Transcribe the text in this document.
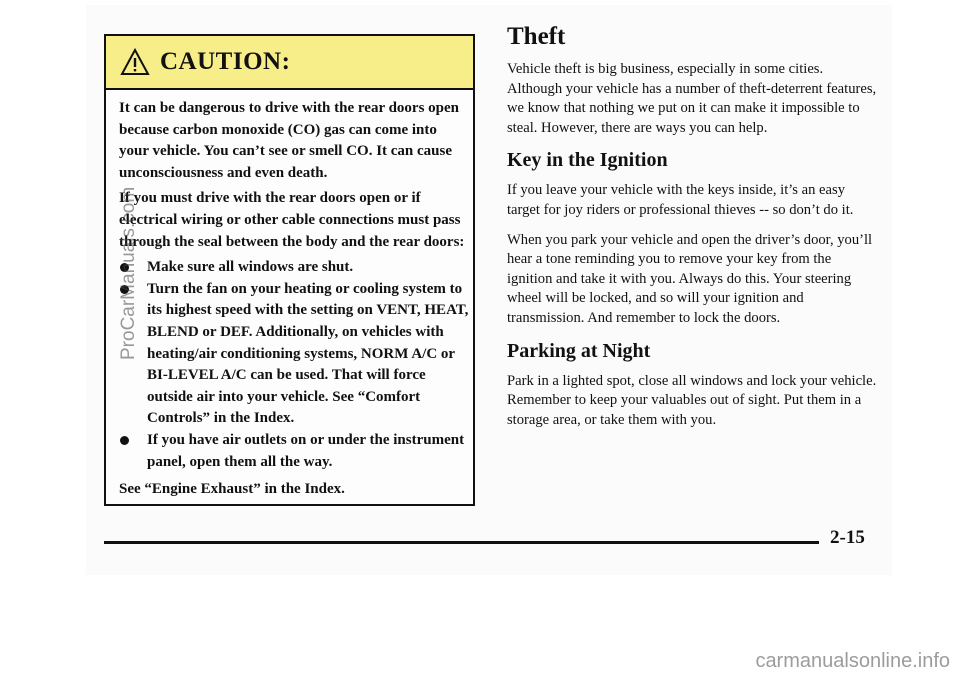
CAUTION:

It can be dangerous to drive with the rear doors open because carbon monoxide (CO) gas can come into your vehicle. You can’t see or smell CO. It can cause unconsciousness and even death.

If you must drive with the rear doors open or if electrical wiring or other cable connections must pass through the seal between the body and the rear doors:

Make sure all windows are shut.
Turn the fan on your heating or cooling system to its highest speed with the setting on VENT, HEAT, BLEND or DEF. Additionally, on vehicles with heating/air conditioning systems, NORM A/C or BI-LEVEL A/C can be used. That will force outside air into your vehicle. See “Comfort Controls” in the Index.
If you have air outlets on or under the instrument panel, open them all the way.

See “Engine Exhaust” in the Index.

Theft

Vehicle theft is big business, especially in some cities. Although your vehicle has a number of theft-deterrent features, we know that nothing we put on it can make it impossible to steal. However, there are ways you can help.

Key in the Ignition

If you leave your vehicle with the keys inside, it’s an easy target for joy riders or professional thieves -- so don’t do it.

When you park your vehicle and open the driver’s door, you’ll hear a tone reminding you to remove your key from the ignition and take it with you. Always do this. Your steering wheel will be locked, and so will your ignition and transmission. And remember to lock the doors.

Parking at Night

Park in a lighted spot, close all windows and lock your vehicle. Remember to keep your valuables out of sight. Put them in a storage area, or take them with you.

2-15
ProCarManuals.com
carmanualsonline.info
